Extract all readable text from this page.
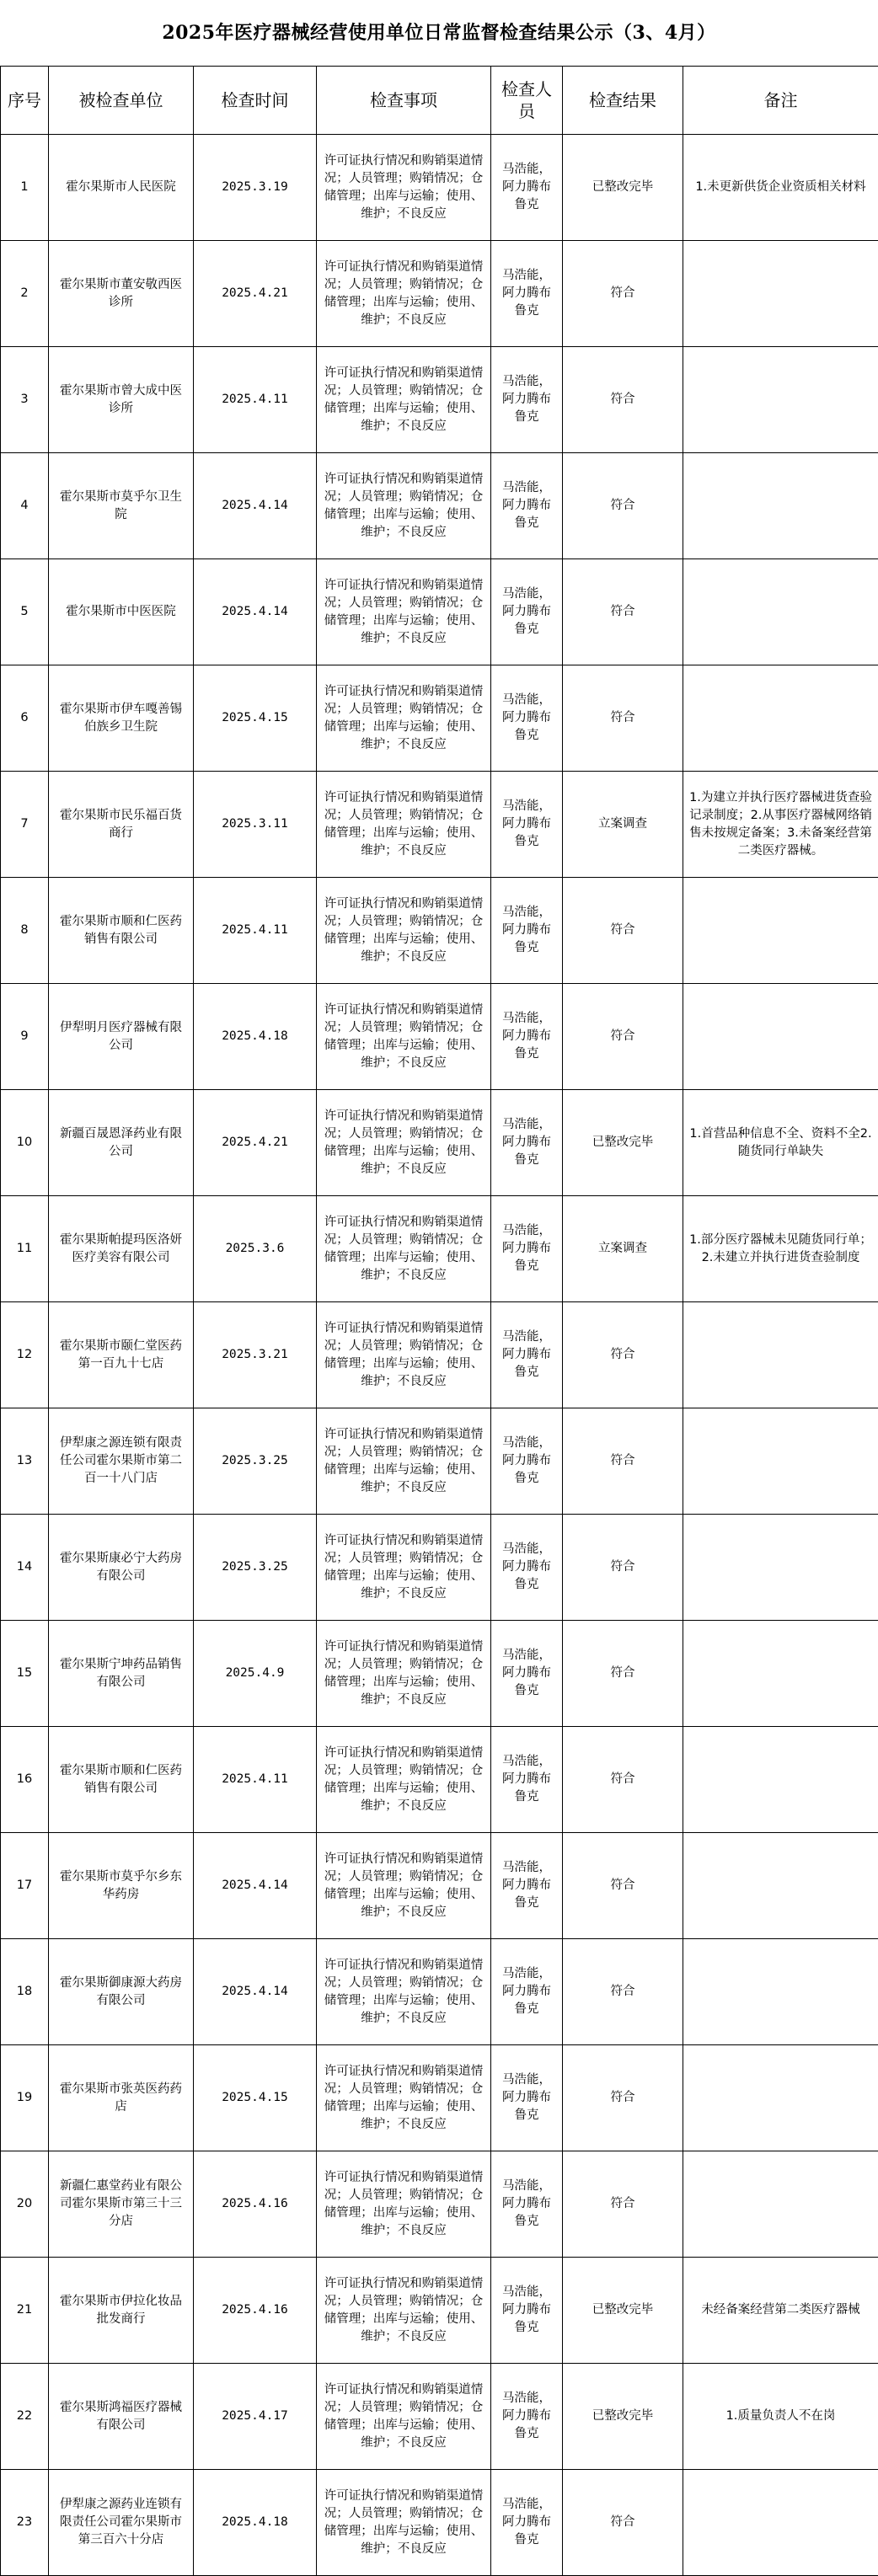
2025年医疗器械经营使用单位日常监督检查结果公示（3、4月）
序号	被检查单位	检查时间	检查事项	检查人员	检查结果	备注
1	霍尔果斯市人民医院	2025.3.19	许可证执行情况和购销渠道情况；人员管理；购销情况；仓储管理；出库与运输；使用、维护；不良反应	马浩能，阿力腾布鲁克	已整改完毕	1.未更新供货企业资质相关材料
2	霍尔果斯市董安敬西医诊所	2025.4.21	许可证执行情况和购销渠道情况；人员管理；购销情况；仓储管理；出库与运输；使用、维护；不良反应	马浩能，阿力腾布鲁克	符合	
3	霍尔果斯市曾大成中医诊所	2025.4.11	许可证执行情况和购销渠道情况；人员管理；购销情况；仓储管理；出库与运输；使用、维护；不良反应	马浩能，阿力腾布鲁克	符合	
4	霍尔果斯市莫乎尔卫生院	2025.4.14	许可证执行情况和购销渠道情况；人员管理；购销情况；仓储管理；出库与运输；使用、维护；不良反应	马浩能，阿力腾布鲁克	符合	
5	霍尔果斯市中医医院	2025.4.14	许可证执行情况和购销渠道情况；人员管理；购销情况；仓储管理；出库与运输；使用、维护；不良反应	马浩能，阿力腾布鲁克	符合	
6	霍尔果斯市伊车嘎善锡伯族乡卫生院	2025.4.15	许可证执行情况和购销渠道情况；人员管理；购销情况；仓储管理；出库与运输；使用、维护；不良反应	马浩能，阿力腾布鲁克	符合	
7	霍尔果斯市民乐福百货商行	2025.3.11	许可证执行情况和购销渠道情况；人员管理；购销情况；仓储管理；出库与运输；使用、维护；不良反应	马浩能，阿力腾布鲁克	立案调查	1.为建立并执行医疗器械进货查验记录制度；2.从事医疗器械网络销售未按规定备案；3.未备案经营第二类医疗器械。
8	霍尔果斯市顺和仁医药销售有限公司	2025.4.11	许可证执行情况和购销渠道情况；人员管理；购销情况；仓储管理；出库与运输；使用、维护；不良反应	马浩能，阿力腾布鲁克	符合	
9	伊犁明月医疗器械有限公司	2025.4.18	许可证执行情况和购销渠道情况；人员管理；购销情况；仓储管理；出库与运输；使用、维护；不良反应	马浩能，阿力腾布鲁克	符合	
10	新疆百晟恩泽药业有限公司	2025.4.21	许可证执行情况和购销渠道情况；人员管理；购销情况；仓储管理；出库与运输；使用、维护；不良反应	马浩能，阿力腾布鲁克	已整改完毕	1.首营品种信息不全、资料不全2.随货同行单缺失
11	霍尔果斯帕提玛医洛妍医疗美容有限公司	2025.3.6	许可证执行情况和购销渠道情况；人员管理；购销情况；仓储管理；出库与运输；使用、维护；不良反应	马浩能，阿力腾布鲁克	立案调查	1.部分医疗器械未见随货同行单；2.未建立并执行进货查验制度
12	霍尔果斯市颐仁堂医药第一百九十七店	2025.3.21	许可证执行情况和购销渠道情况；人员管理；购销情况；仓储管理；出库与运输；使用、维护；不良反应	马浩能，阿力腾布鲁克	符合	
13	伊犁康之源连锁有限责任公司霍尔果斯市第二百一十八门店	2025.3.25	许可证执行情况和购销渠道情况；人员管理；购销情况；仓储管理；出库与运输；使用、维护；不良反应	马浩能，阿力腾布鲁克	符合	
14	霍尔果斯康必宁大药房有限公司	2025.3.25	许可证执行情况和购销渠道情况；人员管理；购销情况；仓储管理；出库与运输；使用、维护；不良反应	马浩能，阿力腾布鲁克	符合	
15	霍尔果斯宁坤药品销售有限公司	2025.4.9	许可证执行情况和购销渠道情况；人员管理；购销情况；仓储管理；出库与运输；使用、维护；不良反应	马浩能，阿力腾布鲁克	符合	
16	霍尔果斯市顺和仁医药销售有限公司	2025.4.11	许可证执行情况和购销渠道情况；人员管理；购销情况；仓储管理；出库与运输；使用、维护；不良反应	马浩能，阿力腾布鲁克	符合	
17	霍尔果斯市莫乎尔乡东华药房	2025.4.14	许可证执行情况和购销渠道情况；人员管理；购销情况；仓储管理；出库与运输；使用、维护；不良反应	马浩能，阿力腾布鲁克	符合	
18	霍尔果斯御康源大药房有限公司	2025.4.14	许可证执行情况和购销渠道情况；人员管理；购销情况；仓储管理；出库与运输；使用、维护；不良反应	马浩能，阿力腾布鲁克	符合	
19	霍尔果斯市张英医药药店	2025.4.15	许可证执行情况和购销渠道情况；人员管理；购销情况；仓储管理；出库与运输；使用、维护；不良反应	马浩能，阿力腾布鲁克	符合	
20	新疆仁惠堂药业有限公司霍尔果斯市第三十三分店	2025.4.16	许可证执行情况和购销渠道情况；人员管理；购销情况；仓储管理；出库与运输；使用、维护；不良反应	马浩能，阿力腾布鲁克	符合	
21	霍尔果斯市伊拉化妆品批发商行	2025.4.16	许可证执行情况和购销渠道情况；人员管理；购销情况；仓储管理；出库与运输；使用、维护；不良反应	马浩能，阿力腾布鲁克	已整改完毕	未经备案经营第二类医疗器械
22	霍尔果斯鸿福医疗器械有限公司	2025.4.17	许可证执行情况和购销渠道情况；人员管理；购销情况；仓储管理；出库与运输；使用、维护；不良反应	马浩能，阿力腾布鲁克	已整改完毕	1.质量负责人不在岗
23	伊犁康之源药业连锁有限责任公司霍尔果斯市第三百六十分店	2025.4.18	许可证执行情况和购销渠道情况；人员管理；购销情况；仓储管理；出库与运输；使用、维护；不良反应	马浩能，阿力腾布鲁克	符合	
